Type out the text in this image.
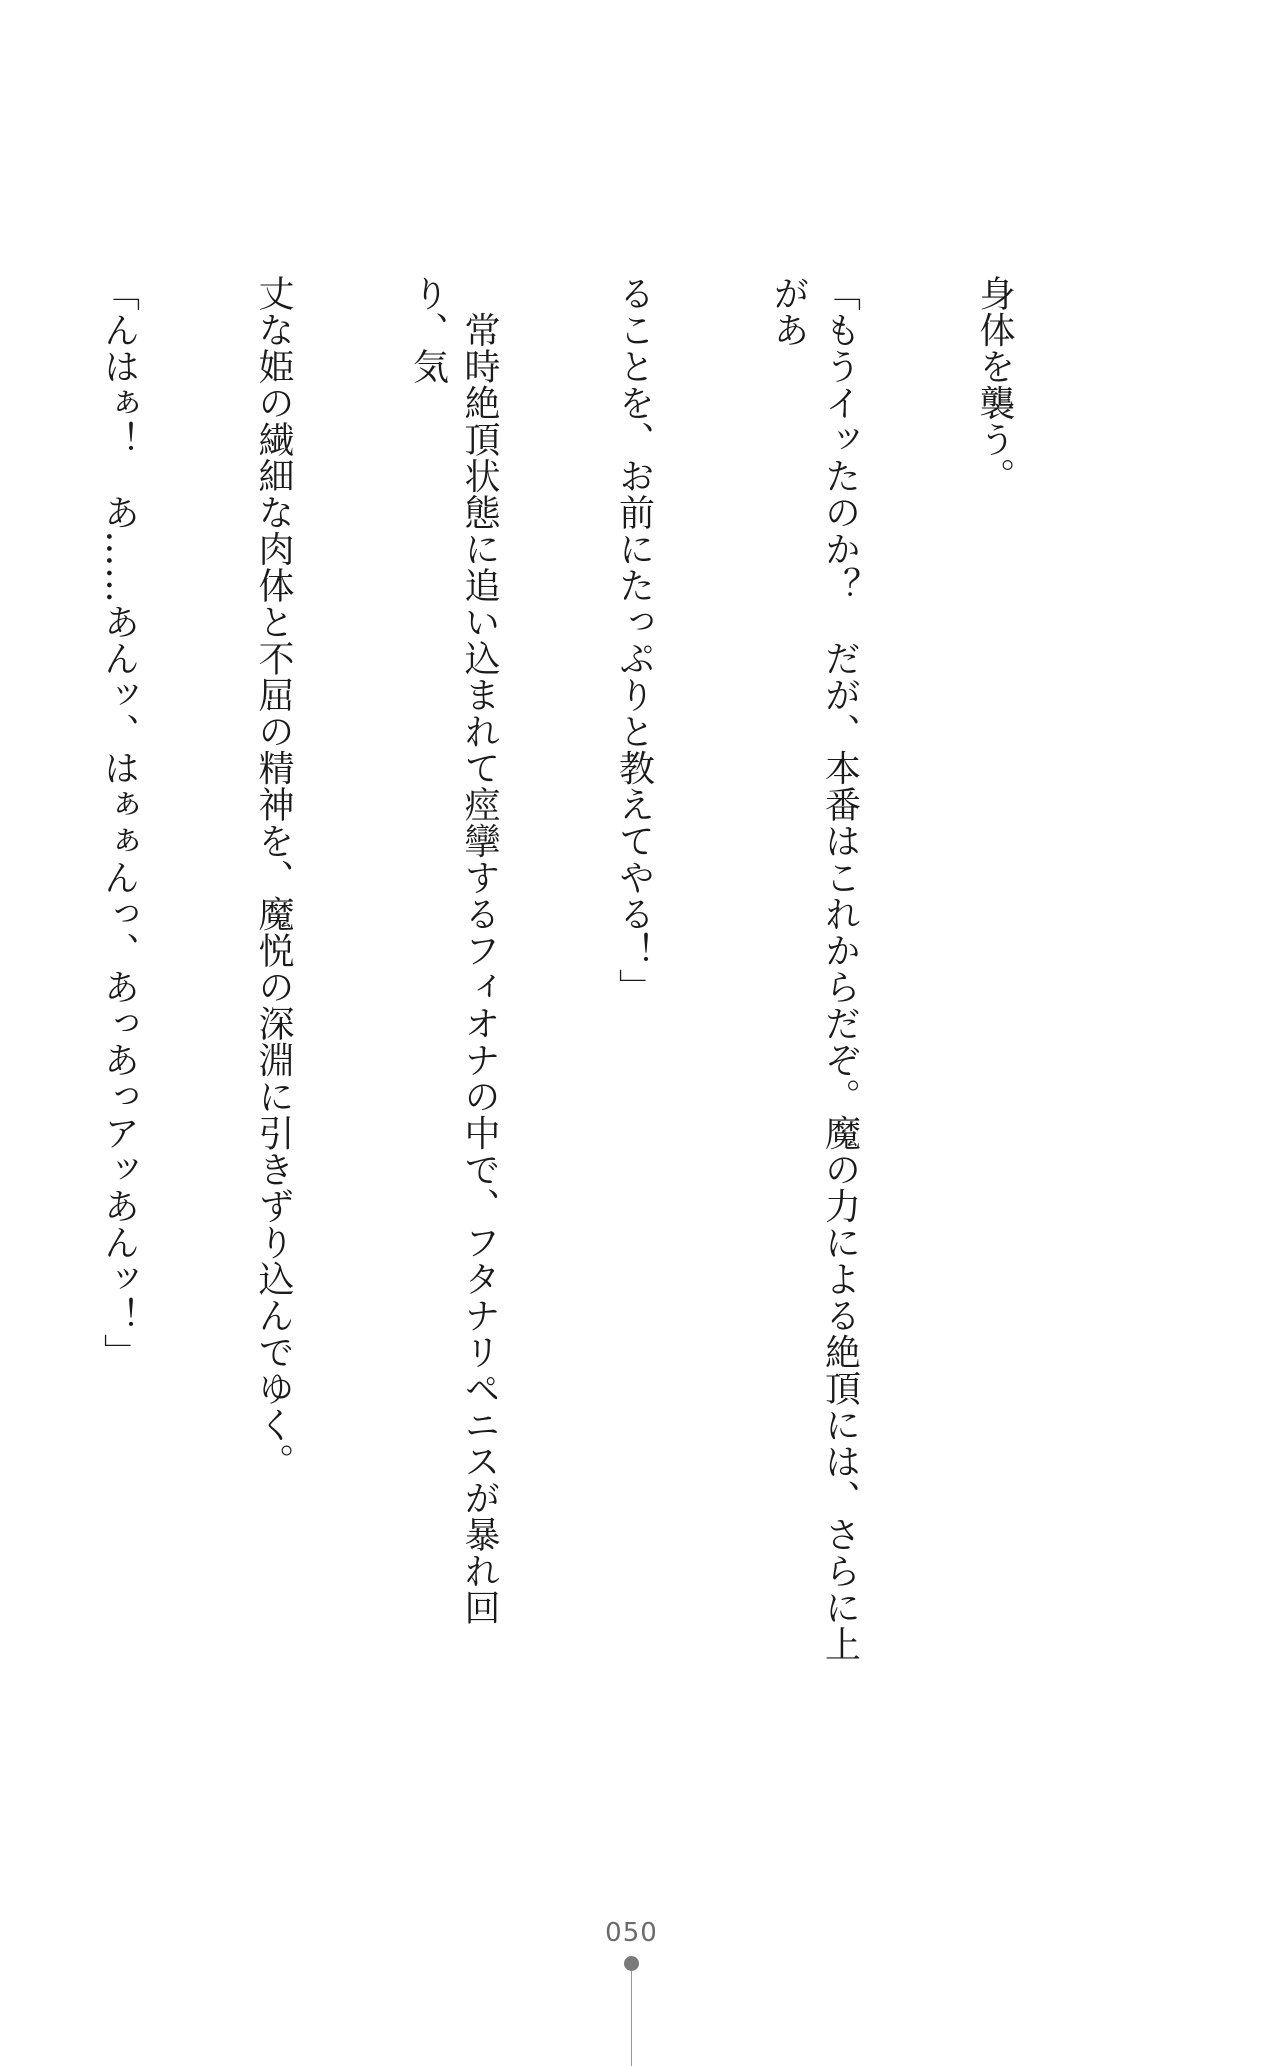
身体を襲う。

「もうイッたのか？　だが、本番はこれからだぞ。魔の力による絶頂には、さらに上があ

ることを、お前にたっぷりと教えてやる！」

　常時絶頂状態に追い込まれて痙攣するフィオナの中で、フタナリペニスが暴れ回り、気

丈な姫の繊細な肉体と不屈の精神を、魔悦の深淵に引きずり込んでゆく。

「んはぁ！　あ……あんッ、はぁぁんっ、あっあっアッあんッ！」

050
